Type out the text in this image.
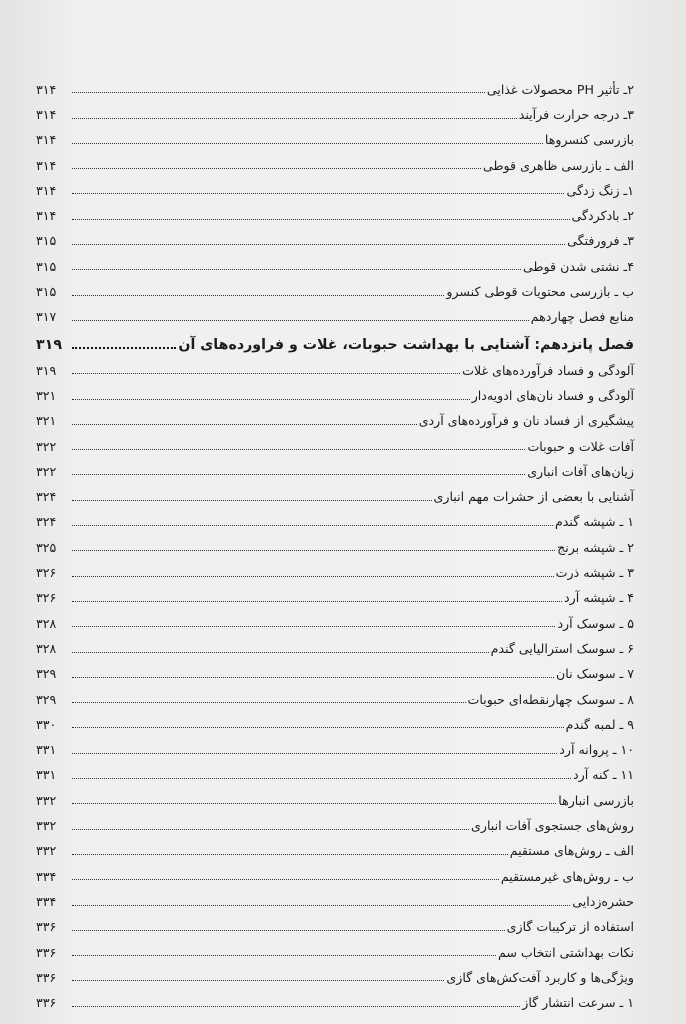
۲ـ تأثیر PH محصولات غذایی
۳۱۴
۳ـ درجه حرارت فرآیند
۳۱۴
بازرسی کنسروها
۳۱۴
الف ـ بازرسی ظاهری قوطی
۳۱۴
۱ـ زنگ زدگی
۳۱۴
۲ـ بادکردگی
۳۱۴
۳ـ فرورفتگی
۳۱۵
۴ـ نشتی شدن قوطی
۳۱۵
ب ـ بازرسی محتویات قوطی کنسرو
۳۱۵
منابع فصل چهاردهم
۳۱۷
فصل پانزدهم: آشنایی با بهداشت حبوبات، غلات و فراورده‌های آن
۳۱۹
آلودگی و فساد فرآورده‌های غلات
۳۱۹
آلودگی و فساد نان‌های ادویه‌دار
۳۲۱
پیشگیری از فساد نان و فرآورده‌های آردی
۳۲۱
آفات غلات و حبوبات
۳۲۲
زیان‌های آفات انباری
۳۲۲
آشنایی با بعضی از حشرات مهم انباری
۳۲۴
۱ ـ شپشه گندم
۳۲۴
۲ ـ شپشه برنج
۳۲۵
۳ ـ شپشه ذرت
۳۲۶
۴ ـ شپشه آرد
۳۲۶
۵ ـ سوسک آرد
۳۲۸
۶ ـ سوسک استرالیایی گندم
۳۲۸
۷ ـ سوسک نان
۳۲۹
۸ ـ سوسک چهارنقطه‌ای حبوبات
۳۲۹
۹ ـ لمبه گندم
۳۳۰
۱۰ ـ پروانه آرد
۳۳۱
۱۱ ـ کنه آرد
۳۳۱
بازرسی انبارها
۳۳۲
روش‌های جستجوی آفات انباری
۳۳۲
الف ـ روش‌های مستقیم
۳۳۲
ب ـ روش‌های غیرمستقیم
۳۳۴
حشره‌زدایی
۳۳۴
استفاده از ترکیبات گازی
۳۳۶
نکات بهداشتی انتخاب سم
۳۳۶
ویژگی‌ها و کاربرد آفت‌کش‌های گازی
۳۳۶
۱ ـ سرعت انتشار گاز
۳۳۶
